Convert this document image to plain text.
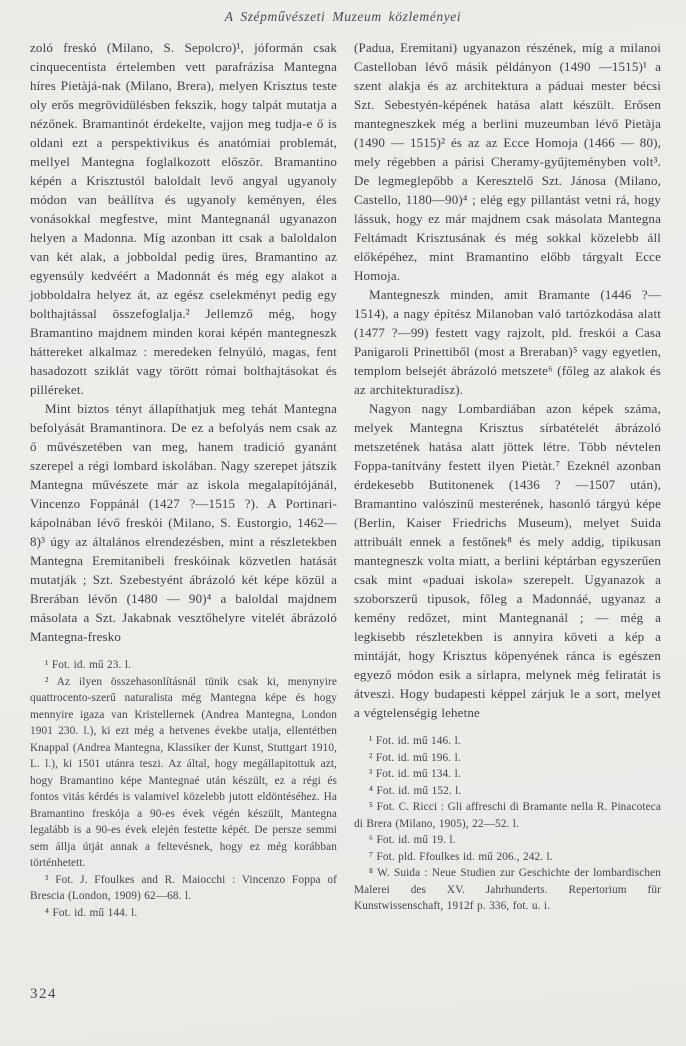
A Szépművészeti Muzeum közleményei

zoló freskó (Milano, S. Sepolcro)¹, jóformán csak cinquecentista értelemben vett parafrázisa Mantegna híres Pietàjá-nak (Milano, Brera), melyen Krisztus teste oly erős megrövidülésben fekszik, hogy talpát mutatja a nézőnek. Bramantinót érdekelte, vajjon meg tudja-e ő is oldani ezt a perspektivikus és anatómiai problemát, mellyel Mantegna foglalkozott először. Bramantino képén a Krisztustól baloldalt levő angyal ugyanoly módon van beállítva és ugyanoly keményen, éles vonásokkal megfestve, mint Mantegnanál ugyanazon helyen a Madonna. Míg azonban itt csak a baloldalon van két alak, a jobboldal pedig üres, Bramantino az egyensúly kedvéért a Madonnát és még egy alakot a jobboldalra helyez át, az egész cselekményt pedig egy bolthajtással összefoglalja.² Jellemző még, hogy Bramantino majdnem minden korai képén mantegneszk háttereket alkalmaz : meredeken felnyúló, magas, fent hasadozott sziklát vagy törött római bolthajtásokat és pilléreket.

Mint biztos tényt állapíthatjuk meg tehát Mantegna befolyását Bramantinora. De ez a befolyás nem csak az ő művészetében van meg, hanem tradició gyanánt szerepel a régi lombard iskolában. Nagy szerepet játszik Mantegna művészete már az iskola megalapítójánál, Vincenzo Foppánál (1427 ?—1515 ?). A Portinari-kápolnában lévő freskói (Milano, S. Eustorgio, 1462— 8)³ úgy az általános elrendezésben, mint a részletekben Mantegna Eremitanibeli freskóinak közvetlen hatását mutatják ; Szt. Szebestyént ábrázoló két képe közül a Brerában lévőn (1480 — 90)⁴ a baloldal majdnem másolata a Szt. Jakabnak vesztőhelyre vitelét ábrázoló Mantegna-fresko

¹ Fot. id. mű 23. l.

² Az ilyen összehasonlításnál tünik csak ki, menynyire quattrocento-szerű naturalista még Mantegna képe és hogy mennyire igaza van Kristellernek (Andrea Mantegna, London 1901 230. l.), ki ezt még a hetvenes évekbe utalja, ellentétben Knappal (Andrea Mantegna, Klassiker der Kunst, Stuttgart 1910, L. l.), ki 1501 utánra teszi. Az által, hogy megállapitottuk azt, hogy Bramantino képe Mantegnaé után készült, ez a régi és fontos vitás kérdés is valamivel közelebb jutott eldöntéséhez. Ha Bramantino freskója a 90-es évek végén készült, Mantegna legalább is a 90-es évek elején festette képét. De persze semmi sem állja útját annak a feltevésnek, hogy ez még korábban történhetett.

³ Fot. J. Ffoulkes and R. Maiocchi : Vincenzo Foppa of Brescia (London, 1909) 62—68. l.

⁴ Fot. id. mű 144. l.

(Padua, Eremitani) ugyanazon részének, míg a milanoi Castelloban lévő másik példányon (1490 —1515)¹ a szent alakja és az architektura a páduai mester bécsi Szt. Sebestyén-képének hatása alatt készült. Erősen mantegneszkek még a berlini muzeumban lévő Pietàja (1490 — 1515)² és az az Ecce Homoja (1466 — 80), mely régebben a párisi Cheramy-gyűjteményben volt³. De legmeglepőbb a Keresztelő Szt. Jánosa (Milano, Castello, 1180—90)⁴ ; elég egy pillantást vetni rá, hogy lássuk, hogy ez már majdnem csak másolata Mantegna Feltámadt Krisztusának és még sokkal közelebb áll előképéhez, mint Bramantino előbb tárgyalt Ecce Homoja.

Mantegneszk minden, amit Bramante (1446 ?— 1514), a nagy építész Milanoban való tartózkodása alatt (1477 ?—99) festett vagy rajzolt, pld. freskói a Casa Panigaroli Prinettiből (most a Breraban)⁵ vagy egyetlen, templom belsejét ábrázoló metszete⁶ (főleg az alakok és az architekturadísz).

Nagyon nagy Lombardiában azon képek száma, melyek Mantegna Krisztus sírbatételét ábrázoló metszetének hatása alatt jöttek létre. Több névtelen Foppa-tanítvány festett ilyen Pietàt.⁷ Ezeknél azonban érdekesebb Butitonenek (1436 ? —1507 után), Bramantino valószinű mesterének, hasonló tárgyú képe (Berlin, Kaiser Friedrichs Museum), melyet Suida attribuált ennek a festőnek⁸ és mely addig, tipikusan mantegneszk volta miatt, a berlini képtárban egyszerűen csak mint «paduai iskola» szerepelt. Ugyanazok a szoborszerű tipusok, főleg a Madonnáé, ugyanaz a kemény redőzet, mint Mantegnanál ; — még a legkisebb részletekben is annyira követi a kép a mintáját, hogy Krisztus köpenyének ránca is egészen egyező módon esik a sírlapra, melynek még feliratát is átveszi. Hogy budapesti képpel zárjuk le a sort, melyet a végtelenségig lehetne

¹ Fot. id. mű 146. l.

² Fot. id. mű 196. l.

³ Fot. id. mű 134. l.

⁴ Fot. id. mű 152. l.

⁵ Fot. C. Ricci : Gli affreschi di Bramante nella R. Pinacoteca di Brera (Milano, 1905), 22—52. l.

⁶ Fot. id. mű 19. l.

⁷ Fot. pld. Ffoulkes id. mű 206., 242. l.

⁸ W. Suida : Neue Studien zur Geschichte der lombardischen Malerei des XV. Jahrhunderts. Repertorium für Kunstwissenschaft, 1912f p. 336, fot. u. i.

324
